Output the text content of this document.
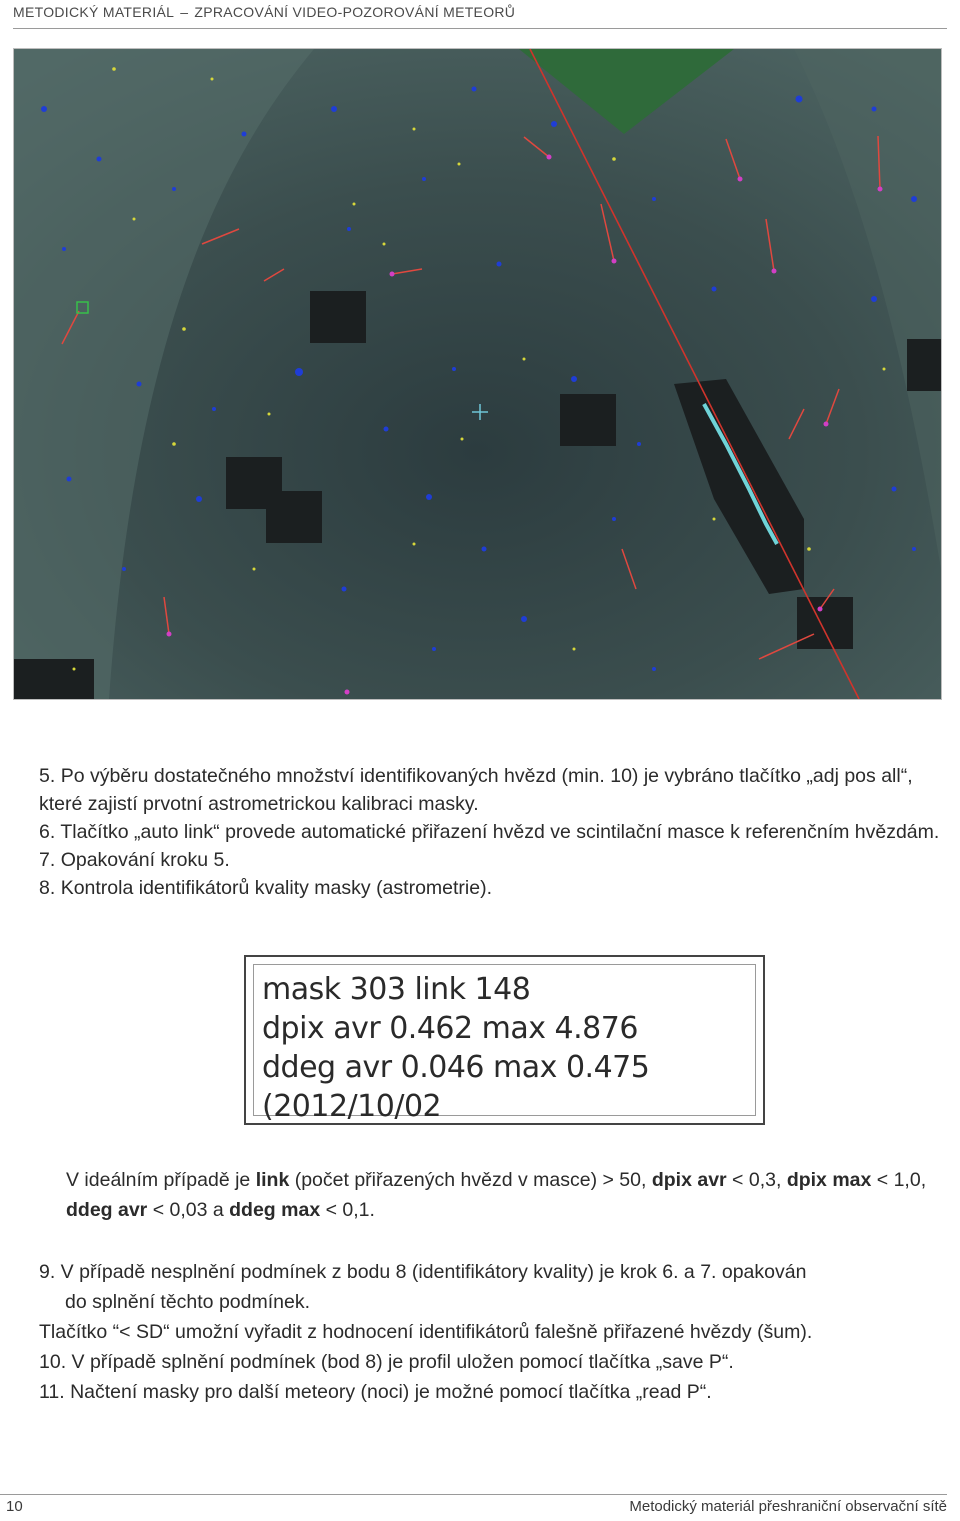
METODICKÝ MATERIÁL – ZPRACOVÁNÍ VIDEO-POZOROVÁNÍ METEORŮ

5. Po výběru dostatečného množství identifikovaných hvězd (min. 10) je vybráno tlačítko „adj pos all“, které zajistí prvotní astrometrickou kalibraci masky.

6. Tlačítko „auto link“ provede automatické přiřazení hvězd ve scintilační masce k referenčním hvězdám.

7. Opakování kroku 5.

8. Kontrola identifikátorů kvality masky (astrometrie).

mask 303 link 148
dpix avr 0.462 max 4.876
ddeg avr 0.046 max 0.475
(2012/10/02
V ideálním případě je link (počet přiřazených hvězd v masce) > 50, dpix avr < 0,3, dpix max < 1,0, ddeg avr < 0,03 a ddeg max < 0,1.

9. V případě nesplnění podmínek z bodu 8 (identifikátory kvality) je krok 6. a 7. opakován

do splnění těchto podmínek.

Tlačítko “< SD“ umožní vyřadit z hodnocení identifikátorů falešně přiřazené hvězdy (šum).

10. V případě splnění podmínek (bod 8) je profil uložen pomocí tlačítka „save P“.

11. Načtení masky pro další meteory (noci) je možné pomocí tlačítka „read P“.

10	Metodický materiál přeshraniční observační sítě
